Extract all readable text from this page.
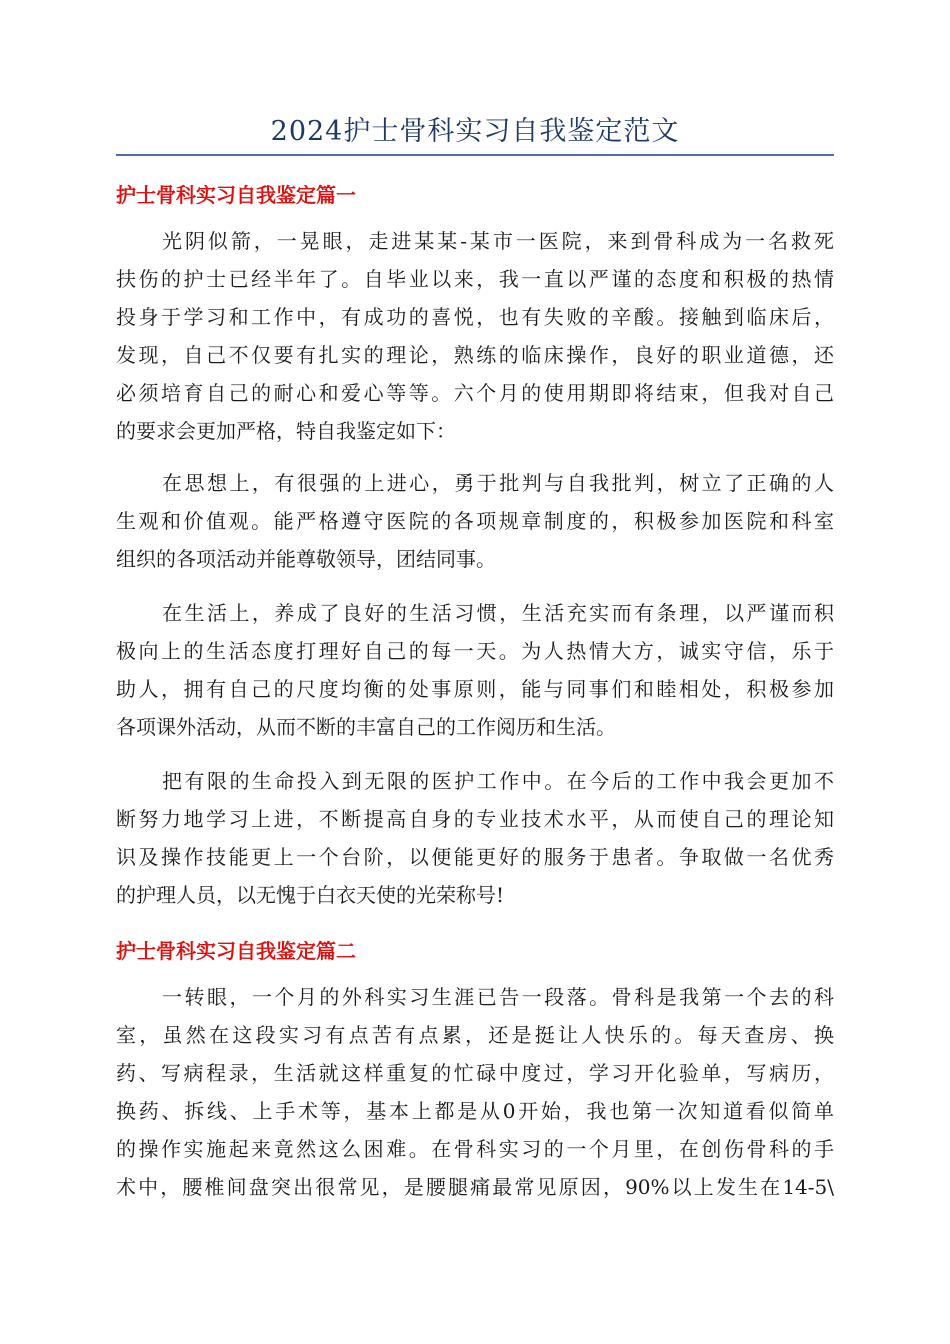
2024护士骨科实习自我鉴定范文
护士骨科实习自我鉴定篇一
光阴似箭，一晃眼，走进某某-某市一医院，来到骨科成为一名救死
扶伤的护士已经半年了。自毕业以来，我一直以严谨的态度和积极的热情
投身于学习和工作中，有成功的喜悦，也有失败的辛酸。接触到临床后，
发现，自己不仅要有扎实的理论，熟练的临床操作，良好的职业道德，还
必须培育自己的耐心和爱心等等。六个月的使用期即将结束，但我对自己
的要求会更加严格，特自我鉴定如下：
在思想上，有很强的上进心，勇于批判与自我批判，树立了正确的人
生观和价值观。能严格遵守医院的各项规章制度的，积极参加医院和科室
组织的各项活动并能尊敬领导，团结同事。
在生活上，养成了良好的生活习惯，生活充实而有条理，以严谨而积
极向上的生活态度打理好自己的每一天。为人热情大方，诚实守信，乐于
助人，拥有自己的尺度均衡的处事原则，能与同事们和睦相处，积极参加
各项课外活动，从而不断的丰富自己的工作阅历和生活。
把有限的生命投入到无限的医护工作中。在今后的工作中我会更加不
断努力地学习上进，不断提高自身的专业技术水平，从而使自己的理论知
识及操作技能更上一个台阶，以便能更好的服务于患者。争取做一名优秀
的护理人员，以无愧于白衣天使的光荣称号!
护士骨科实习自我鉴定篇二
一转眼，一个月的外科实习生涯已告一段落。骨科是我第一个去的科
室，虽然在这段实习有点苦有点累，还是挺让人快乐的。每天查房、换
药、写病程录，生活就这样重复的忙碌中度过，学习开化验单，写病历，
换药、拆线、上手术等，基本上都是从0开始，我也第一次知道看似简单
的操作实施起来竟然这么困难。在骨科实习的一个月里，在创伤骨科的手
术中，腰椎间盘突出很常见，是腰腿痛最常见原因，90%以上发生在14-5\
